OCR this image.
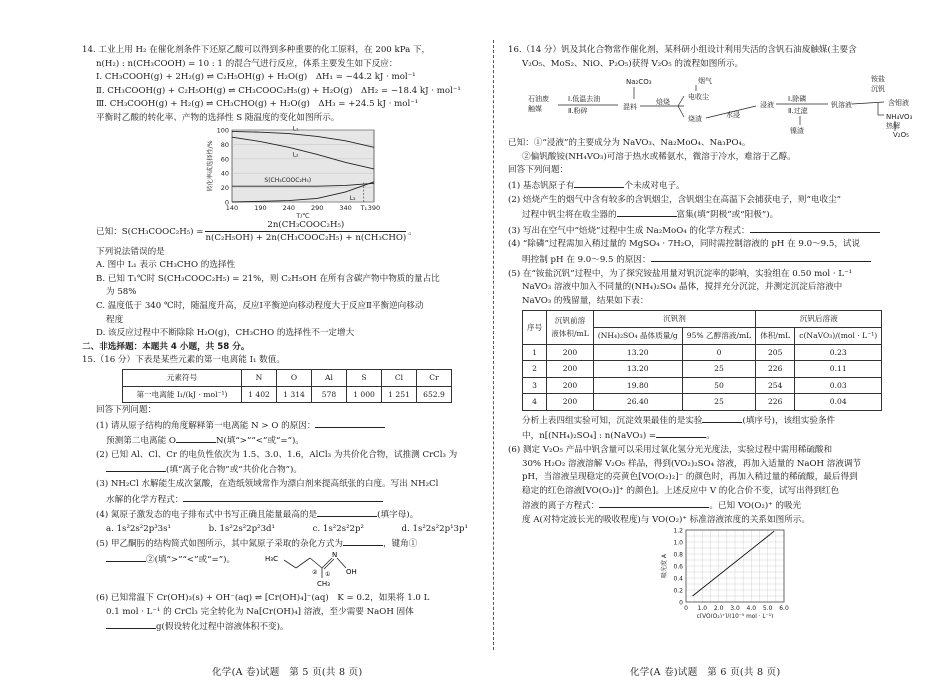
14. 工业上用 H₂ 在催化剂条件下还原乙酸可以得到多种重要的化工原料，在 200 kPa 下，
n(H₂) : n(CH₃COOH) = 10 : 1 的混合气进行反应，体系主要发生如下反应：
Ⅰ. CH₃COOH(g) + 2H₂(g) ⇌ C₂H₅OH(g) + H₂O(g)　ΔH₁ = −44.2 kJ · mol⁻¹
Ⅱ. CH₃COOH(g) + C₂H₅OH(g) ⇌ CH₃COOC₂H₅(g) + H₂O(g)　ΔH₂ = −18.4 kJ · mol⁻¹
Ⅲ. CH₃COOH(g) + H₂(g) ⇌ CH₃CHO(g) + H₂O(g)　ΔH₃ = +24.5 kJ · mol⁻¹
平衡时乙酸的转化率、产物的选择性 S 随温度的变化如图所示。
0
20
40
60
80
100
140 190 240 290 340 390
T/℃
转化率或选择性/%
L₁
L₂
S(CH₃COOC₂H₅)
L₃
T₁
已知：S(CH₃COOC₂H₅) = $\frac{\text{2n(CH₃COOC₂H₅)}}{\text{n(C₂H₅OH) + 2n(CH₃COOC₂H₅) + n(CH₃CHO)}}$ 。
下列说法错误的是
A. 图中 L₁ 表示 CH₃CHO 的选择性
B. 已知 T₁℃时 S(CH₃COOC₂H₅) = 21%，则 C₂H₅OH 在所有含碳产物中物质的量占比
为 58%
C. 温度低于 340 ℃时，随温度升高，反应Ⅰ平衡逆向移动程度大于反应Ⅱ平衡逆向移动
程度
D. 该反应过程中不断除除 H₂O(g)，CH₃CHO 的选择性不一定增大
二、非选择题：本题共 4 小题，共 58 分。
15.（16 分）下表是某些元素的第一电离能 I₁ 数值。
元素符号	N	O	Al	S	Cl	Cr
第一电离能 I₁/(kJ · mol⁻¹)	1 402	1 314	578	1 000	1 251	652.9
回答下列问题：
(1) 请从原子结构的角度解释第一电离能 N > O 的原因：
预测第二电离能 O	N(填“>”“<”或“=”)。
(2) 已知 Al、Cl、Cr 的电负性依次为 1.5、3.0、1.6，AlCl₃ 为共价化合物，试推测 CrCl₃ 为
(填“离子化合物”或“共价化合物”)。
(3) NH₂Cl 水解能生成次氯酸，在造纸领域常作为漂白剂来提高纸张的白度。写出 NH₂Cl
水解的化学方程式：
(4) 氮原子激发态的电子排布式中书写正确且能量最高的是	(填字母)。
a. 1s²2s²2p³3s¹	b. 1s²2s²2p²3d¹	c. 1s²2s²2p²	d. 1s²2s²2p¹3p¹
(5) 甲乙酮肟的结构简式如图所示，其中氮原子采取的杂化方式为	，键角①
②(填“>”“<”或“=”)。	H₃C	N
OH
CH₃
①
②
(6) 已知常温下 Cr(OH)₃(s) + OH⁻(aq) ⇌ [Cr(OH)₄]⁻(aq)　K = 0.2，如果将 1.0 L
0.1 mol · L⁻¹ 的 CrCl₃ 完全转化为 Na[Cr(OH)₄] 溶液，至少需要 NaOH 固体
g(假设转化过程中溶液体积不变)。
化学(A 卷)试题　第 5 页(共 8 页)
16.（14 分）钒及其化合物常作催化剂，某科研小组设计利用失活的含钒石油废触媒(主要含
V₂O₅、MoS₂、NiO、P₂O₅)获得 V₂O₅ 的流程如图所示。
石油废
触媒
Ⅰ.低温去油
Ⅱ.粉碎
Na₂CO₃
混料
焙烧
烟气
电收尘
烧渣	水浸
浸液
Ⅰ.除磷
Ⅱ.过滤
钒溶液
镍渣
铵盐
沉钒
含钼液
NH₄VO₃
热解
V₂O₅
已知：①“浸液”的主要成分为 NaVO₃、Na₂MoO₄、Na₃PO₄。
②偏钒酸铵(NH₄VO₃)可溶于热水或稀氨水，微溶于冷水，难溶于乙醇。
回答下列问题：
(1) 基态钒原子有	个未成对电子。
(2) 焙烧产生的烟气中含有较多的含钒烟尘，含钒烟尘在高温下会捕获电子，则“电收尘”
过程中钒尘将在收尘器的	富集(填“阴极”或“阳极”)。
(3) 写出在空气中“焙烧”过程中生成 Na₂MoO₄ 的化学方程式：
(4) “除磷”过程需加入稍过量的 MgSO₄ · 7H₂O，同时需控制溶液的 pH 在 9.0～9.5，试说
明控制 pH 在 9.0～9.5 的原因：
(5) 在“铵盐沉钒”过程中，为了探究铵盐用量对钒沉淀率的影响，实验组在 0.50 mol · L⁻¹
NaVO₃ 溶液中加入不同量的(NH₄)₂SO₄ 晶体，搅拌充分沉淀，并测定沉淀后溶液中
NaVO₃ 的残留量，结果如下表：
序号	沉钒前溶
液体积/mL	沉钒剂		沉钒后溶液	
		(NH₄)₂SO₄ 晶体质量/g	95% 乙醇溶液/mL	体积/mL	c(NaVO₃)/(mol · L⁻¹)
1	200	13.20	0	205	0.23
2	200	13.20	25	226	0.11
3	200	19.80	50	254	0.03
4	200	26.40	25	226	0.04
分析上表四组实验可知，沉淀效果最佳的是实验	(填序号)，该组实验条件
中，n[(NH₄)₂SO₄] : n(NaVO₃) =	。
(6) 测定 V₂O₅ 产品中钒含量可以采用过氧化氢分光光度法，实验过程中需用稀硫酸和
30% H₂O₂ 溶液溶解 V₂O₅ 样品，得到(VO₂)₂SO₄ 溶液，再加入适量的 NaOH 溶液调节
pH，当溶液呈现稳定的亮黄色[VO(O₂)₂]⁻ 的颜色时，再加入稍过量的稀硫酸，最后得到
稳定的红色溶液[VO(O₂)]⁺ 的颜色]。上述反应中 V 的化合价不变，试写出得到红色
溶液的离子方程式：	。已知 VO(O₂)⁺ 的吸光
度 A(对特定波长光的吸收程度)与 VO(O₂)⁺ 标准溶液浓度的关系如图所示。
0
0.2
0.4
0.6
0.8
1.0
1.2
0 1.0 2.0 3.0 4.0 5.0 6.0
c[VO(O₂)⁺]/(10⁻⁵ mol · L⁻¹)
吸光度 A
化学(A 卷)试题　第 6 页(共 8 页)
